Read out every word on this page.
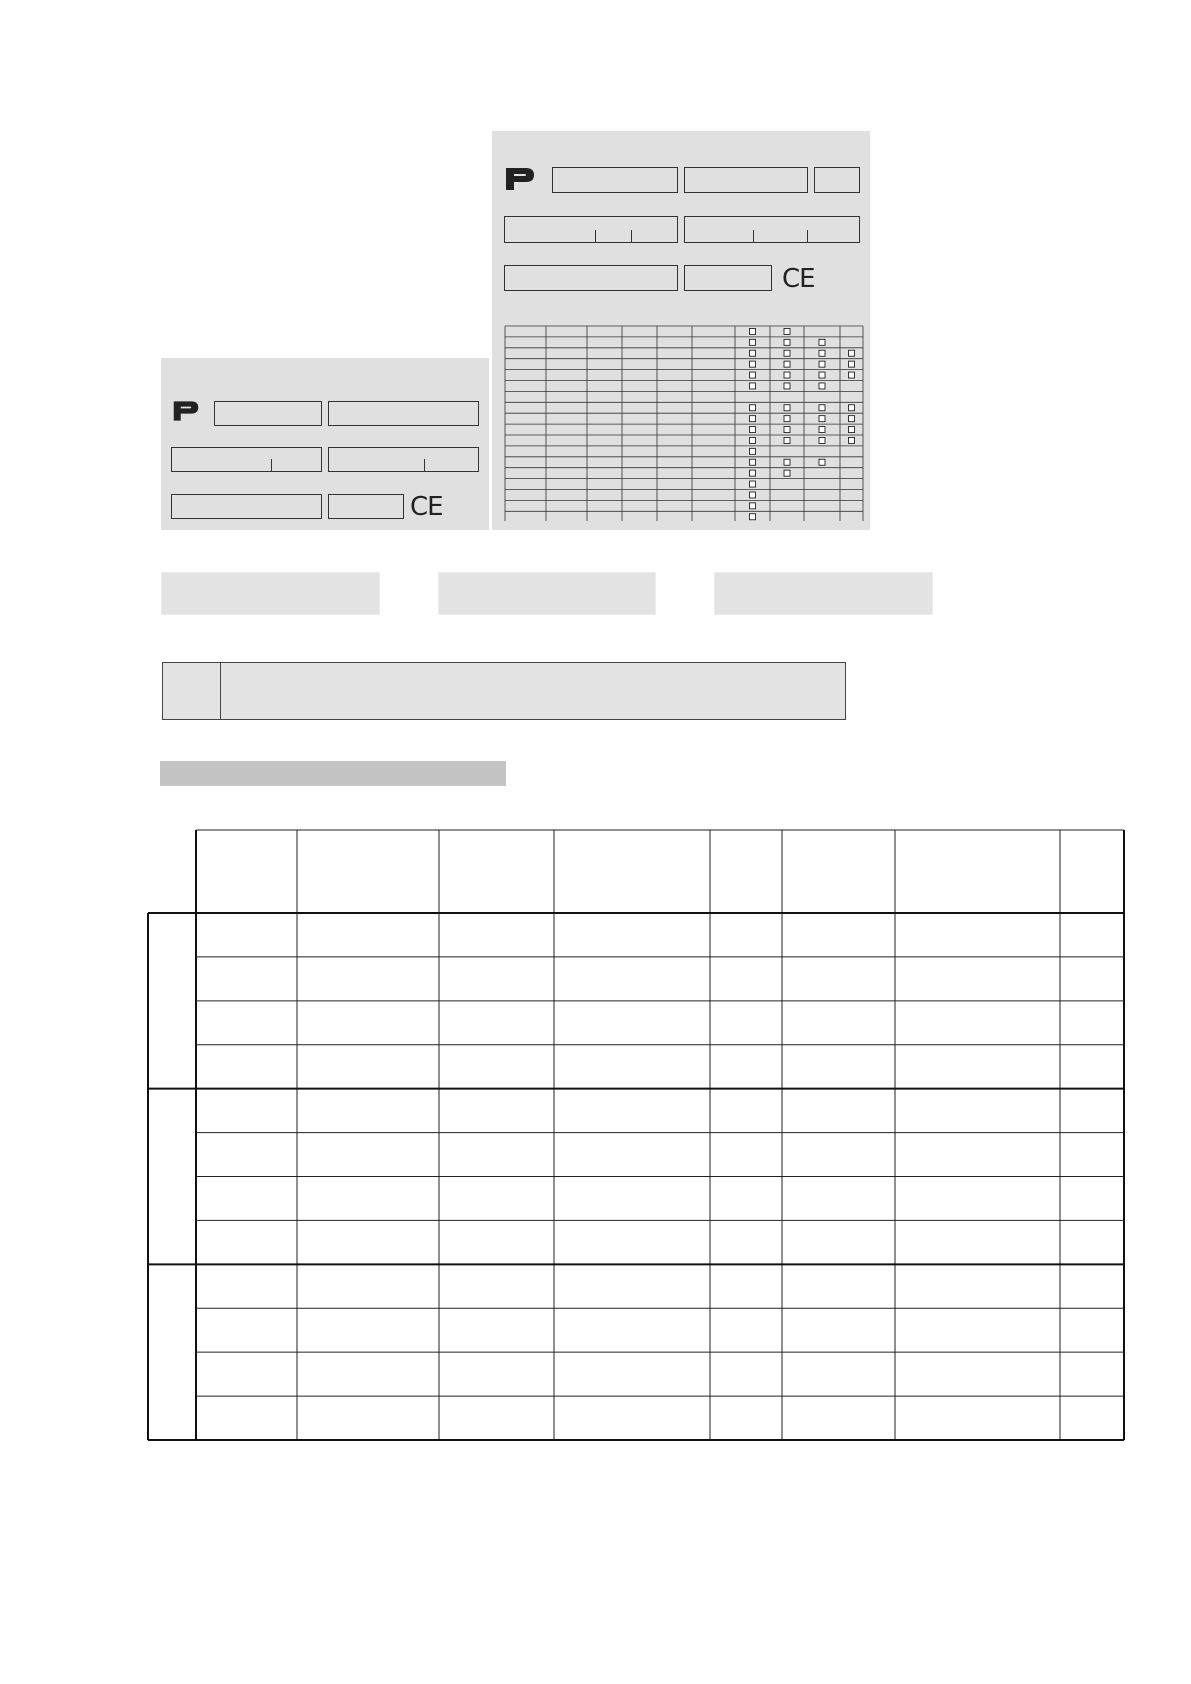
CE
CE
